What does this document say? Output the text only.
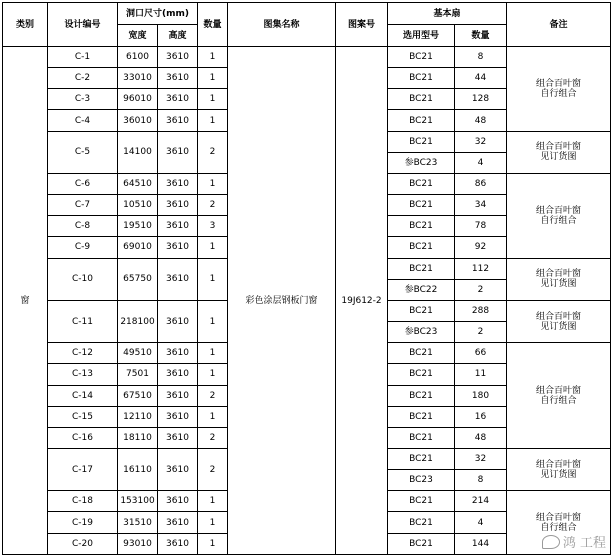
类别	设计编号	洞口尺寸(mm)		数量	图集名称	图案号	基本扇		备注
		宽度	高度				选用型号	数量	
窗	C-1	6100	3610	1	彩色涂层钢板门窗	19J612-2	BC21	8	组合百叶窗
自行组合
	C-2	33010	3610	1			BC21	44	
	C-3	96010	3610	1			BC21	128	
	C-4	36010	3610	1			BC21	48	
	C-5	14100	3610	2			BC21	32	组合百叶窗
见订货图
							参BC23	4	
	C-6	64510	3610	1			BC21	86	组合百叶窗
自行组合
	C-7	10510	3610	2			BC21	34	
	C-8	19510	3610	3			BC21	78	
	C-9	69010	3610	1			BC21	92	
	C-10	65750	3610	1			BC21	112	组合百叶窗
见订货图
							参BC22	2	
	C-11	218100	3610	1			BC21	288	组合百叶窗
见订货图
							参BC23	2	
	C-12	49510	3610	1			BC21	66	组合百叶窗
自行组合
	C-13	7501	3610	1			BC21	11	
	C-14	67510	3610	2			BC21	180	
	C-15	12110	3610	1			BC21	16	
	C-16	18110	3610	2			BC21	48	
	C-17	16110	3610	2			BC21	32	组合百叶窗
见订货图
							BC23	8	
	C-18	153100	3610	1			BC21	214	组合百叶窗
自行组合
	C-19	31510	3610	1			BC21	4	
	C-20	93010	3610	1			BC21	144		鸿 工程
